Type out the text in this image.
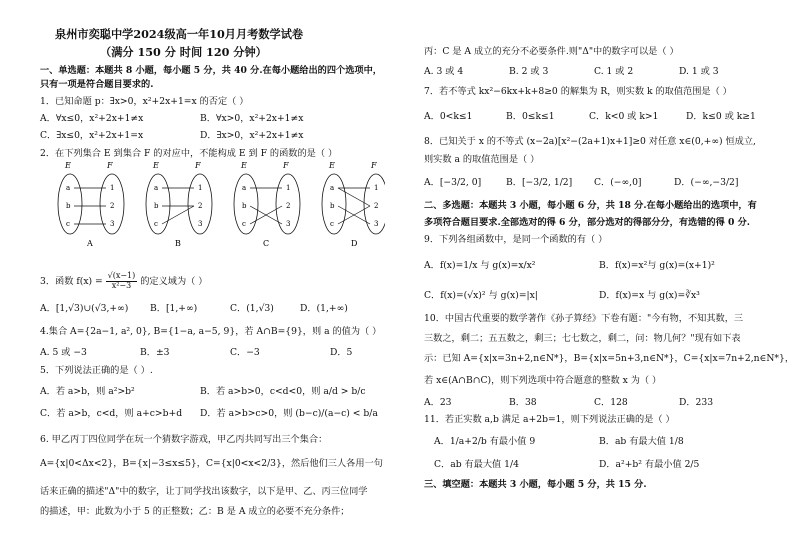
泉州市奕聪中学2024级高一年10月月考数学试卷
（满分 150 分 时间 120 分钟）
一、单选题：本题共 8 小题，每小题 5 分，共 40 分.在每小题给出的四个选项中，
只有一项是符合题目要求的.
1．已知命题 p：∃x>0，x²+2x+1=x 的否定（ ）
A．∀x≤0，x²+2x+1≠x	B．∀x>0，x²+2x+1≠x
C．∃x≤0，x²+2x+1=x	D．∃x>0，x²+2x+1≠x
2．在下列集合 E 到集合 F 的对应中，不能构成 E 到 F 的函数的是（ ）
E	F
a
b
c
1
2
3
A
E	F
a
b
c
1
2
3
B
E	F
a
b
c
1
2
3
C
E	F
a
b
c
1
2
3
D
3．函数 $f(x) = \frac{√(x-1)}{\text{x²−3}}$ 的定义域为（ ）
A．[1,√3)∪(√3,+∞) B．[1,+∞)	C．(1,√3)	D．(1,+∞)
4.集合 A={2a−1, a², 0}, B={1−a, a−5, 9}，若 A∩B={9}，则 a 的值为（ ）
A. 5 或 −3	B．±3	C．−3	D．5
5．下列说法正确的是（ ）.
A．若 a>b，则 a²>b²	B．若 a>b>0，c<d<0，则 a/d > b/c
C．若 a>b，c<d，则 a+c>b+d D．若 a>b>c>0，则 (b−c)/(a−c) < b/a
6. 甲乙丙丁四位同学在玩一个猜数字游戏，甲乙丙共同写出三个集合：
A={x|0<Δx<2}，B={x|−3≤x≤5}，C={x|0<x<2/3}，然后他们三人各用一句
话来正确的描述"Δ"中的数字，让丁同学找出该数字，以下是甲、乙、丙三位同学
的描述，甲：此数为小于 5 的正整数；乙：B 是 A 成立的必要不充分条件；
丙：C 是 A 成立的充分不必要条件.则"Δ"中的数字可以是（ ）
A. 3 或 4	B. 2 或 3	C. 1 或 2	D. 1 或 3
7．若不等式 kx²−6kx+k+8≥0 的解集为 R，则实数 k 的取值范围是（ ）
A．0<k≤1	B．0≤k≤1	C．k<0 或 k>1	D．k≤0 或 k≥1
8．已知关于 x 的不等式 (x−2a)[x²−(2a+1)x+1]≥0 对任意 x∈(0,+∞) 恒成立,
则实数 a 的取值范围是（ ）
A．[−3/2, 0]	B．[−3/2, 1/2] C．(−∞,0]	D．(−∞,−3/2]
二、多选题：本题共 3 小题，每小题 6 分，共 18 分.在每小题给出的选项中，有
多项符合题目要求.全部选对的得 6 分，部分选对的得部分分，有选错的得 0 分.
9．下列各组函数中，是同一个函数的有（ ）
A．f(x)=1/x 与 g(x)=x/x²	B．f(x)=x²与 g(x)=(x+1)²
C．f(x)=(√x)² 与 g(x)=|x|	D．f(x)=x 与 g(x)=∛x³
10．中国古代重要的数学著作《孙子算经》下卷有题："今有物，不知其数，三
三数之，剩二；五五数之，剩三；七七数之，剩二，问：物几何？"现有如下表
示：已知 A={x|x=3n+2,n∈N*}，B={x|x=5n+3,n∈N*}，C={x|x=7n+2,n∈N*}，
若 x∈(A∩B∩C)，则下列选项中符合题意的整数 x 为（ ）
A．23	B．38	C．128	D．233
11．若正实数 a,b 满足 a+2b=1，则下列说法正确的是（ ）
A．1/a+2/b 有最小值 9	B．ab 有最大值 1/8
C．ab 有最大值 1/4	D．a²+b² 有最小值 2/5
三、填空题：本题共 3 小题，每小题 5 分，共 15 分.
